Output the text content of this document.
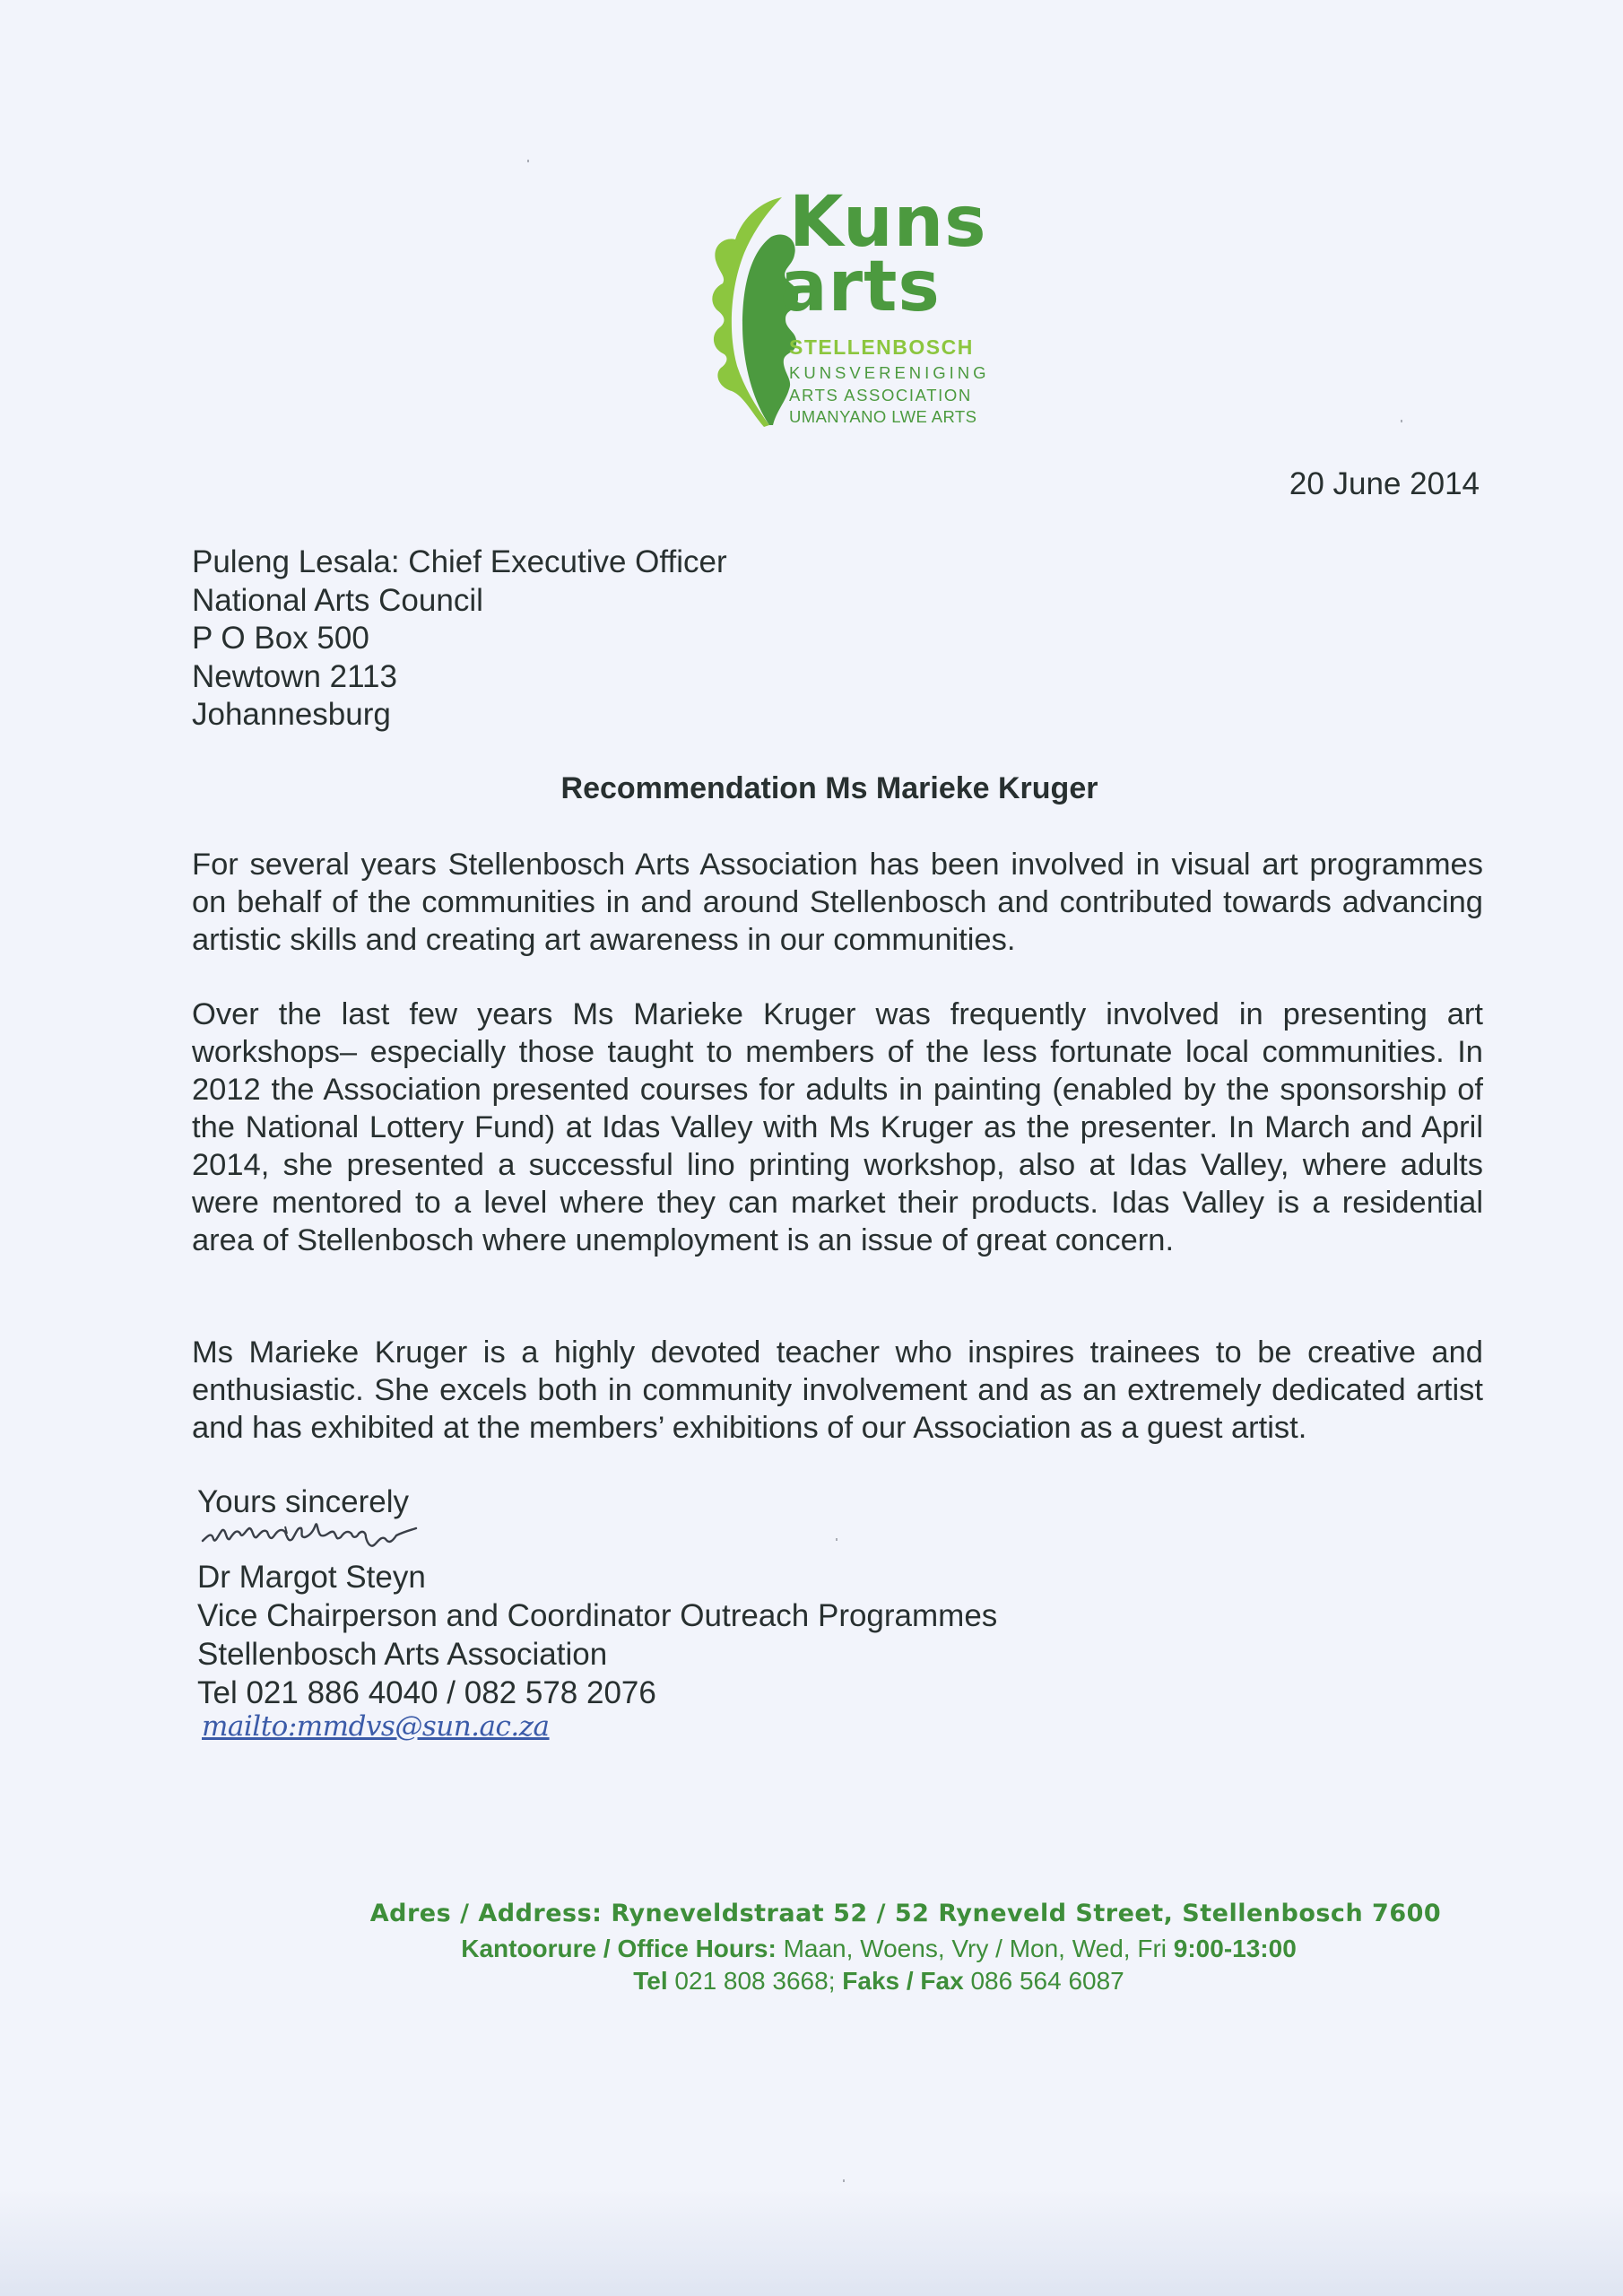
Kuns
arts
STELLENBOSCH
KUNSVERENIGING
ARTS ASSOCIATION
UMANYANO LWE ARTS
20 June 2014
Puleng Lesala: Chief Executive Officer
National Arts Council
P O Box 500
Newtown 2113
Johannesburg
Recommendation Ms Marieke Kruger

For several years Stellenbosch Arts Association has been involved in visual art programmes on behalf of the communities in and around Stellenbosch and contributed towards advancing artistic skills and creating art awareness in our communities.

Over the last few years Ms Marieke Kruger was frequently involved in presenting art workshops– especially those taught to members of the less fortunate local communities. In 2012 the Association presented courses for adults in painting (enabled by the sponsorship of the National Lottery Fund) at Idas Valley with Ms Kruger as the presenter. In March and April 2014, she presented a successful lino printing workshop, also at Idas Valley, where adults were mentored to a level where they can market their products. Idas Valley is a residential area of Stellenbosch where unemployment is an issue of great concern.

Ms Marieke Kruger is a highly devoted teacher who inspires trainees to be creative and enthusiastic. She excels both in community involvement and as an extremely dedicated artist and has exhibited at the members’ exhibitions of our Association as a guest artist.

Yours sincerely
Dr Margot Steyn
Vice Chairperson and Coordinator Outreach Programmes
Stellenbosch Arts Association
Tel 021 886 4040 / 082 578 2076
mailto:mmdvs@sun.ac.za
Adres / Address: Ryneveldstraat 52 / 52 Ryneveld Street, Stellenbosch 7600
Kantoorure / Office Hours: Maan, Woens, Vry / Mon, Wed, Fri 9:00-13:00
Tel 021 808 3668; Faks / Fax 086 564 6087
